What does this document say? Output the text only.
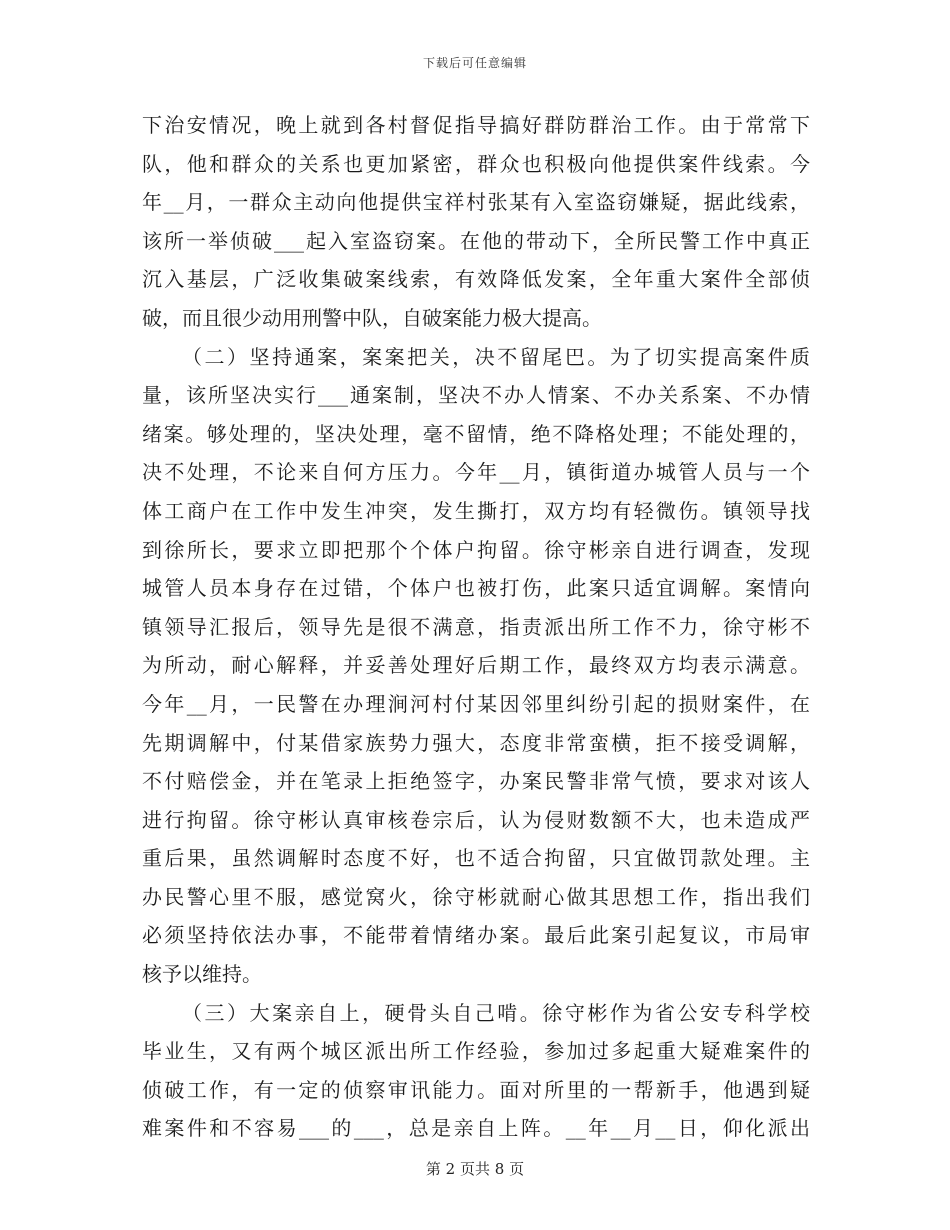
下载后可任意编辑
下治安情况，晚上就到各村督促指导搞好群防群治工作。由于常常下
队，他和群众的关系也更加紧密，群众也积极向他提供案件线索。今
年__月，一群众主动向他提供宝祥村张某有入室盗窃嫌疑，据此线索，
该所一举侦破___起入室盗窃案。在他的带动下，全所民警工作中真正
沉入基层，广泛收集破案线索，有效降低发案，全年重大案件全部侦
破，而且很少动用刑警中队，自破案能力极大提高。
（二）坚持通案，案案把关，决不留尾巴。为了切实提高案件质
量，该所坚决实行___通案制，坚决不办人情案、不办关系案、不办情
绪案。够处理的，坚决处理，毫不留情，绝不降格处理；不能处理的，
决不处理，不论来自何方压力。今年__月，镇街道办城管人员与一个
体工商户在工作中发生冲突，发生撕打，双方均有轻微伤。镇领导找
到徐所长，要求立即把那个个体户拘留。徐守彬亲自进行调查，发现
城管人员本身存在过错，个体户也被打伤，此案只适宜调解。案情向
镇领导汇报后，领导先是很不满意，指责派出所工作不力，徐守彬不
为所动，耐心解释，并妥善处理好后期工作，最终双方均表示满意。
今年__月，一民警在办理涧河村付某因邻里纠纷引起的损财案件，在
先期调解中，付某借家族势力强大，态度非常蛮横，拒不接受调解，
不付赔偿金，并在笔录上拒绝签字，办案民警非常气愤，要求对该人
进行拘留。徐守彬认真审核卷宗后，认为侵财数额不大，也未造成严
重后果，虽然调解时态度不好，也不适合拘留，只宜做罚款处理。主
办民警心里不服，感觉窝火，徐守彬就耐心做其思想工作，指出我们
必须坚持依法办事，不能带着情绪办案。最后此案引起复议，市局审
核予以维持。
（三）大案亲自上，硬骨头自己啃。徐守彬作为省公安专科学校
毕业生，又有两个城区派出所工作经验，参加过多起重大疑难案件的
侦破工作，有一定的侦察审讯能力。面对所里的一帮新手，他遇到疑
难案件和不容易___的___，总是亲自上阵。__年__月__日，仰化派出
第 2 页共 8 页
